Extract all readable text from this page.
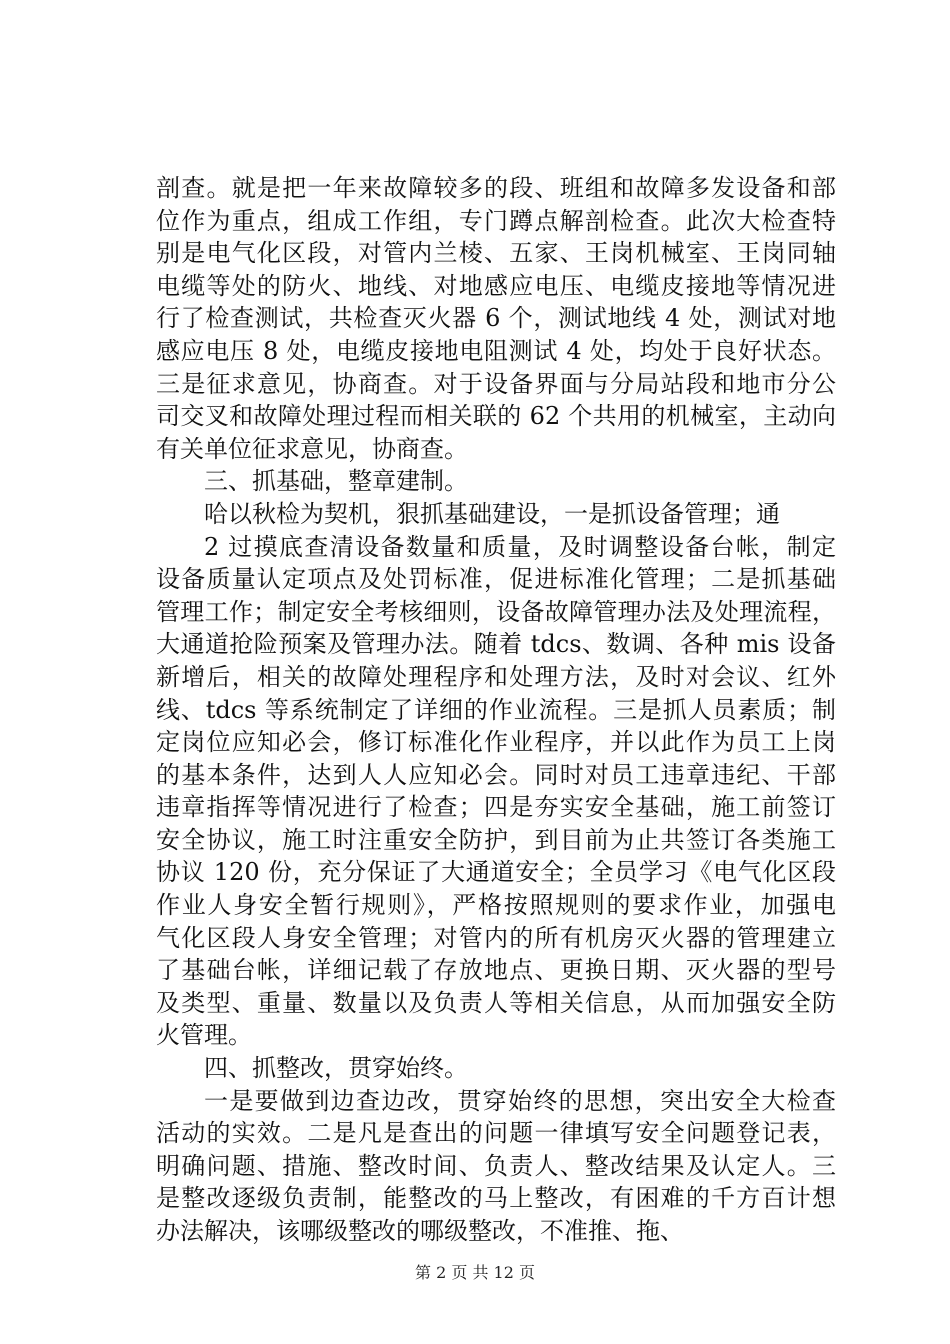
剖查。就是把一年来故障较多的段、班组和故障多发设备和部
位作为重点，组成工作组，专门蹲点解剖检查。此次大检查特
别是电气化区段，对管内兰棱、五家、王岗机械室、王岗同轴
电缆等处的防火、地线、对地感应电压、电缆皮接地等情况进
行了检查测试，共检查灭火器 6 个，测试地线 4 处，测试对地
感应电压 8 处，电缆皮接地电阻测试 4 处，均处于良好状态。
三是征求意见，协商查。对于设备界面与分局站段和地市分公
司交叉和故障处理过程而相关联的 62 个共用的机械室，主动向
有关单位征求意见，协商查。
三、抓基础，整章建制。
哈以秋检为契机，狠抓基础建设，一是抓设备管理；通
2 过摸底查清设备数量和质量，及时调整设备台帐，制定
设备质量认定项点及处罚标准，促进标准化管理；二是抓基础
管理工作；制定安全考核细则，设备故障管理办法及处理流程，
大通道抢险预案及管理办法。随着 tdcs、数调、各种 mis 设备
新增后，相关的故障处理程序和处理方法，及时对会议、红外
线、tdcs 等系统制定了详细的作业流程。三是抓人员素质；制
定岗位应知必会，修订标准化作业程序，并以此作为员工上岗
的基本条件，达到人人应知必会。同时对员工违章违纪、干部
违章指挥等情况进行了检查；四是夯实安全基础，施工前签订
安全协议，施工时注重安全防护，到目前为止共签订各类施工
协议 120 份，充分保证了大通道安全；全员学习《电气化区段
作业人身安全暂行规则》，严格按照规则的要求作业，加强电
气化区段人身安全管理；对管内的所有机房灭火器的管理建立
了基础台帐，详细记载了存放地点、更换日期、灭火器的型号
及类型、重量、数量以及负责人等相关信息，从而加强安全防
火管理。
四、抓整改，贯穿始终。
一是要做到边查边改，贯穿始终的思想，突出安全大检查
活动的实效。二是凡是查出的问题一律填写安全问题登记表，
明确问题、措施、整改时间、负责人、整改结果及认定人。三
是整改逐级负责制，能整改的马上整改，有困难的千方百计想
办法解决，该哪级整改的哪级整改，不准推、拖、
第 2 页 共 12 页
